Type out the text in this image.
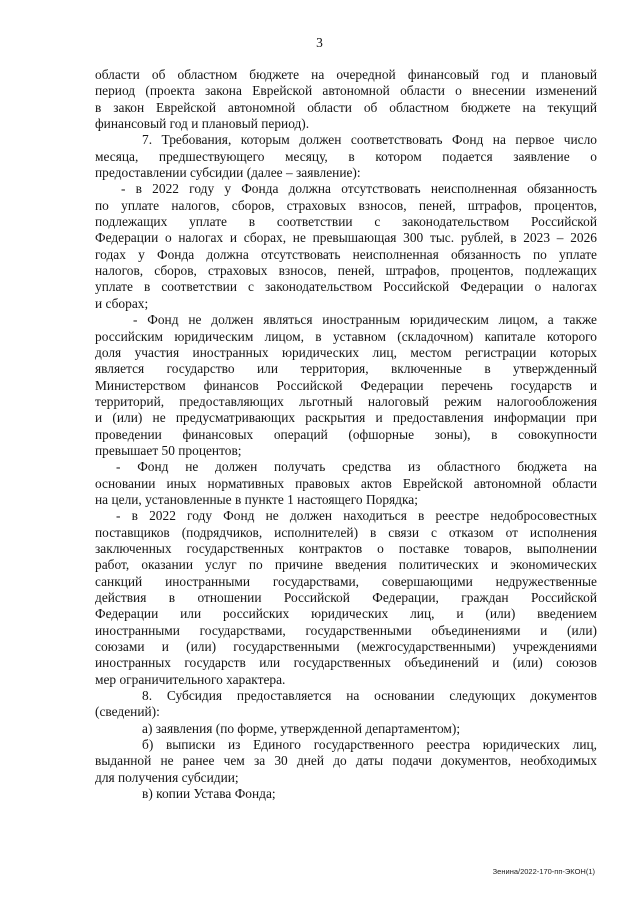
3
области об областном бюджете на очередной финансовый год и плановый
период (проекта закона Еврейской автономной области о внесении изменений
в закон Еврейской автономной области об областном бюджете на текущий
финансовый год и плановый период).
7. Требования, которым должен соответствовать Фонд на первое число
месяца, предшествующего месяцу, в котором подается заявление о
предоставлении субсидии (далее – заявление):
- в 2022 году у Фонда должна отсутствовать неисполненная обязанность
по уплате налогов, сборов, страховых взносов, пеней, штрафов, процентов,
подлежащих уплате в соответствии с законодательством Российской
Федерации о налогах и сборах, не превышающая 300 тыс. рублей, в 2023 – 2026
годах у Фонда должна отсутствовать неисполненная обязанность по уплате
налогов, сборов, страховых взносов, пеней, штрафов, процентов, подлежащих
уплате в соответствии с законодательством Российской Федерации о налогах
и сборах;
- Фонд не должен являться иностранным юридическим лицом, а также
российским юридическим лицом, в уставном (складочном) капитале которого
доля участия иностранных юридических лиц, местом регистрации которых
является государство или территория, включенные в утвержденный
Министерством финансов Российской Федерации перечень государств и
территорий, предоставляющих льготный налоговый режим налогообложения
и (или) не предусматривающих раскрытия и предоставления информации при
проведении финансовых операций (офшорные зоны), в совокупности
превышает 50 процентов;
- Фонд не должен получать средства из областного бюджета на
основании иных нормативных правовых актов Еврейской автономной области
на цели, установленные в пункте 1 настоящего Порядка;
- в 2022 году Фонд не должен находиться в реестре недобросовестных
поставщиков (подрядчиков, исполнителей) в связи с отказом от исполнения
заключенных государственных контрактов о поставке товаров, выполнении
работ, оказании услуг по причине введения политических и экономических
санкций иностранными государствами, совершающими недружественные
действия в отношении Российской Федерации, граждан Российской
Федерации или российских юридических лиц, и (или) введением
иностранными государствами, государственными объединениями и (или)
союзами и (или) государственными (межгосударственными) учреждениями
иностранных государств или государственных объединений и (или) союзов
мер ограничительного характера.
8. Субсидия предоставляется на основании следующих документов
(сведений):
а) заявления (по форме, утвержденной департаментом);
б) выписки из Единого государственного реестра юридических лиц,
выданной не ранее чем за 30 дней до даты подачи документов, необходимых
для получения субсидии;
в) копии Устава Фонда;
Зенина/2022-170-пп-ЭКОН(1)
